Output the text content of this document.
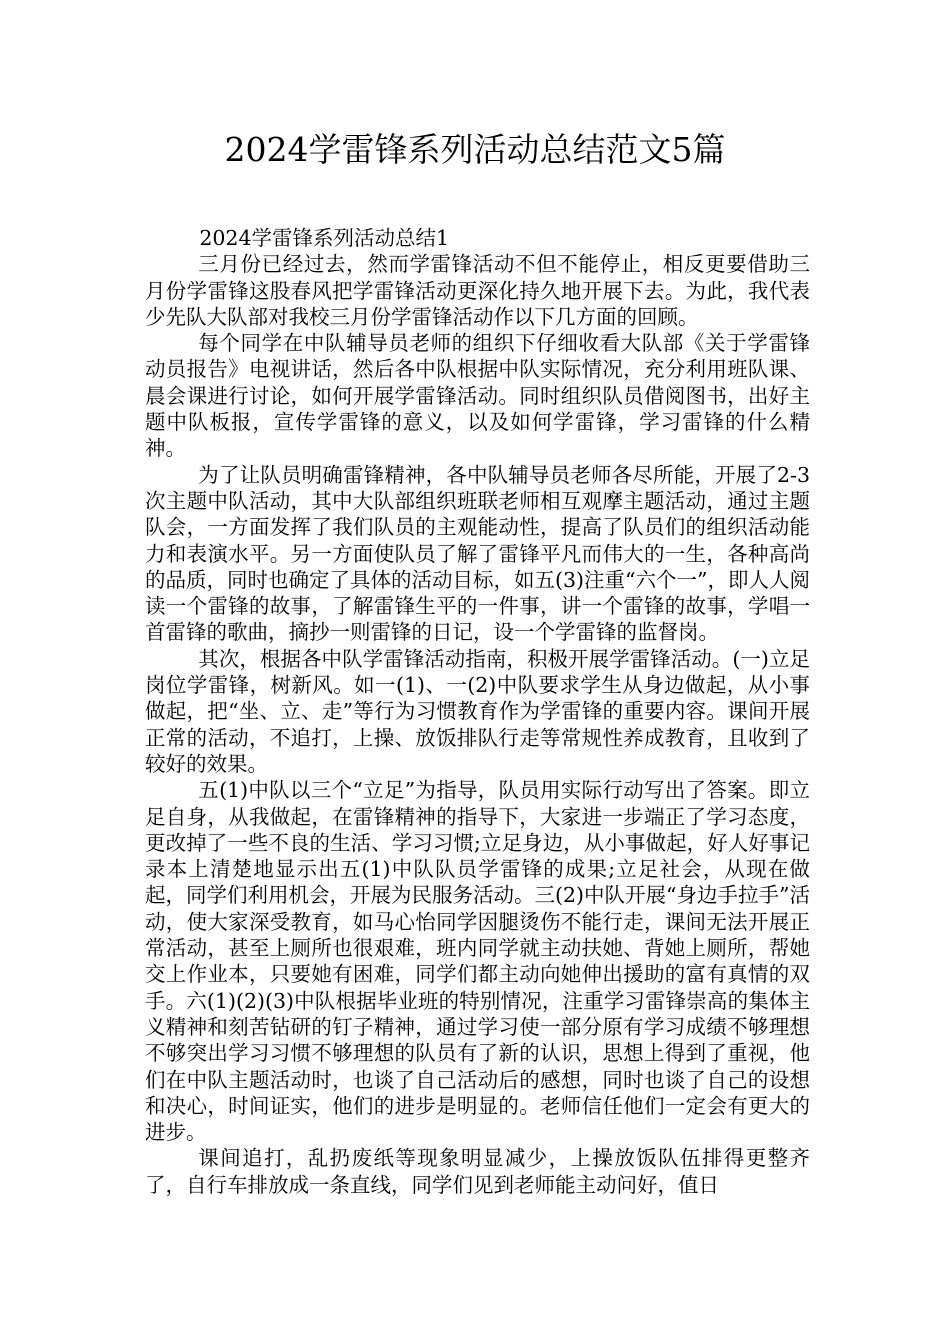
2024学雷锋系列活动总结范文5篇

2024学雷锋系列活动总结1

三月份已经过去，然而学雷锋活动不但不能停止，相反更要借助三月份学雷锋这股春风把学雷锋活动更深化持久地开展下去。为此，我代表少先队大队部对我校三月份学雷锋活动作以下几方面的回顾。

每个同学在中队辅导员老师的组织下仔细收看大队部《关于学雷锋动员报告》电视讲话，然后各中队根据中队实际情况，充分利用班队课、晨会课进行讨论，如何开展学雷锋活动。同时组织队员借阅图书，出好主题中队板报，宣传学雷锋的意义，以及如何学雷锋，学习雷锋的什么精神。

为了让队员明确雷锋精神，各中队辅导员老师各尽所能，开展了2-3次主题中队活动，其中大队部组织班联老师相互观摩主题活动，通过主题队会，一方面发挥了我们队员的主观能动性，提高了队员们的组织活动能力和表演水平。另一方面使队员了解了雷锋平凡而伟大的一生，各种高尚的品质，同时也确定了具体的活动目标，如五(3)注重“六个一”，即人人阅读一个雷锋的故事，了解雷锋生平的一件事，讲一个雷锋的故事，学唱一首雷锋的歌曲，摘抄一则雷锋的日记，设一个学雷锋的监督岗。

其次，根据各中队学雷锋活动指南，积极开展学雷锋活动。(一)立足岗位学雷锋，树新风。如一(1)、一(2)中队要求学生从身边做起，从小事做起，把“坐、立、走”等行为习惯教育作为学雷锋的重要内容。课间开展正常的活动，不追打，上操、放饭排队行走等常规性养成教育，且收到了较好的效果。

五(1)中队以三个“立足”为指导，队员用实际行动写出了答案。即立足自身，从我做起，在雷锋精神的指导下，大家进一步端正了学习态度，更改掉了一些不良的生活、学习习惯;立足身边，从小事做起，好人好事记录本上清楚地显示出五(1)中队队员学雷锋的成果;立足社会，从现在做起，同学们利用机会，开展为民服务活动。三(2)中队开展“身边手拉手”活动，使大家深受教育，如马心怡同学因腿烫伤不能行走，课间无法开展正常活动，甚至上厕所也很艰难，班内同学就主动扶她、背她上厕所，帮她交上作业本，只要她有困难，同学们都主动向她伸出援助的富有真情的双手。六(1)(2)(3)中队根据毕业班的特别情况，注重学习雷锋崇高的集体主义精神和刻苦钻研的钉子精神，通过学习使一部分原有学习成绩不够理想不够突出学习习惯不够理想的队员有了新的认识，思想上得到了重视，他们在中队主题活动时，也谈了自己活动后的感想，同时也谈了自己的设想和决心，时间证实，他们的进步是明显的。老师信任他们一定会有更大的进步。

课间追打，乱扔废纸等现象明显减少，上操放饭队伍排得更整齐了，自行车排放成一条直线，同学们见到老师能主动问好，值日
